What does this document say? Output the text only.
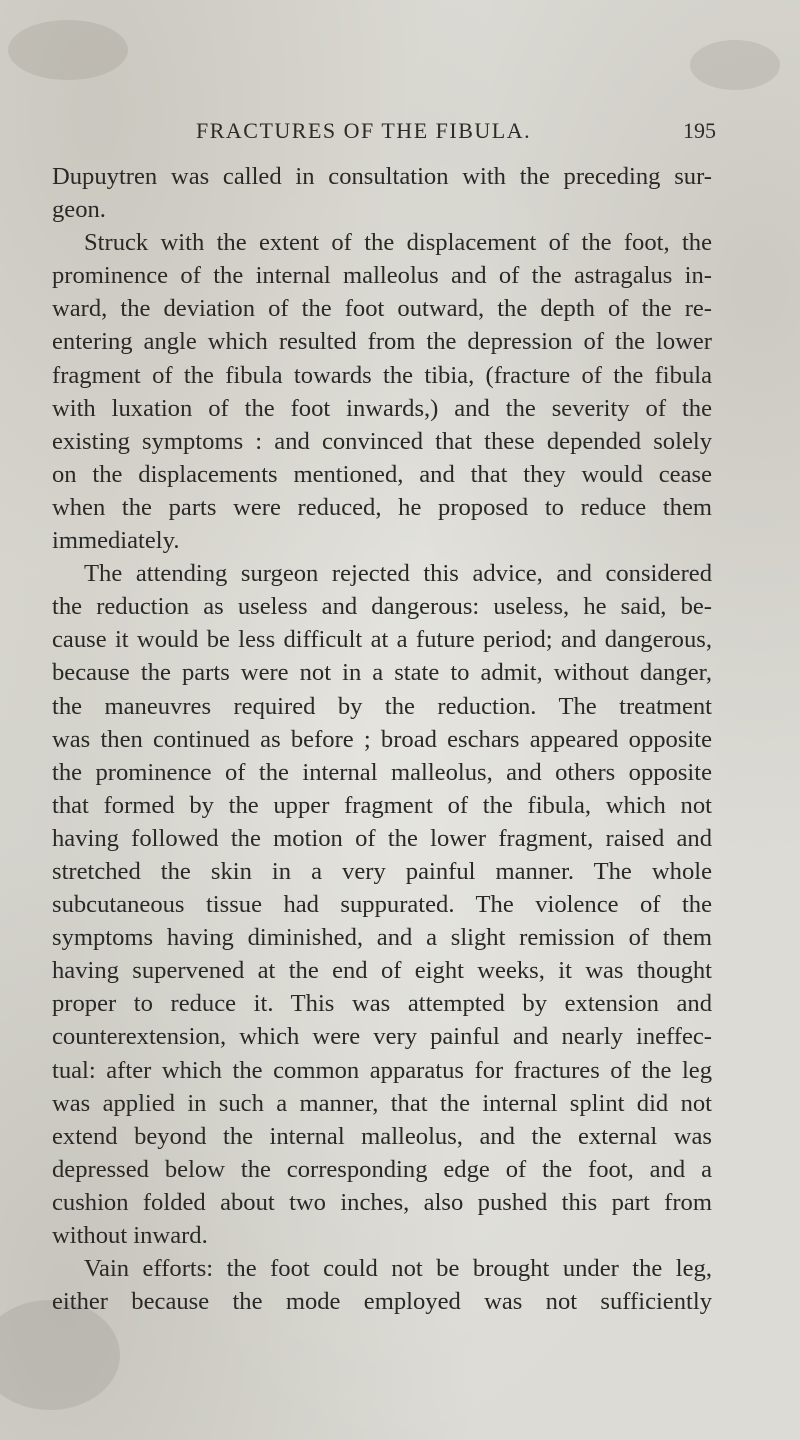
FRACTURES OF THE FIBULA.	195
Dupuytren was called in consultation with the preceding sur-
geon.
Struck with the extent of the displacement of the foot, the
prominence of the internal malleolus and of the astragalus in-
ward, the deviation of the foot outward, the depth of the re-
entering angle which resulted from the depression of the lower
fragment of the fibula towards the tibia, (fracture of the fibula
with luxation of the foot inwards,) and the severity of the
existing symptoms : and convinced that these depended solely
on the displacements mentioned, and that they would cease
when the parts were reduced, he proposed to reduce them
immediately.
The attending surgeon rejected this advice, and considered
the reduction as useless and dangerous: useless, he said, be-
cause it would be less difficult at a future period; and dangerous,
because the parts were not in a state to admit, without danger,
the maneuvres required by the reduction. The treatment
was then continued as before ; broad eschars appeared opposite
the prominence of the internal malleolus, and others opposite
that formed by the upper fragment of the fibula, which not
having followed the motion of the lower fragment, raised and
stretched the skin in a very painful manner. The whole
subcutaneous tissue had suppurated. The violence of the
symptoms having diminished, and a slight remission of them
having supervened at the end of eight weeks, it was thought
proper to reduce it. This was attempted by extension and
counterextension, which were very painful and nearly ineffec-
tual: after which the common apparatus for fractures of the leg
was applied in such a manner, that the internal splint did not
extend beyond the internal malleolus, and the external was
depressed below the corresponding edge of the foot, and a
cushion folded about two inches, also pushed this part from
without inward.
Vain efforts: the foot could not be brought under the leg,
either because the mode employed was not sufficiently
